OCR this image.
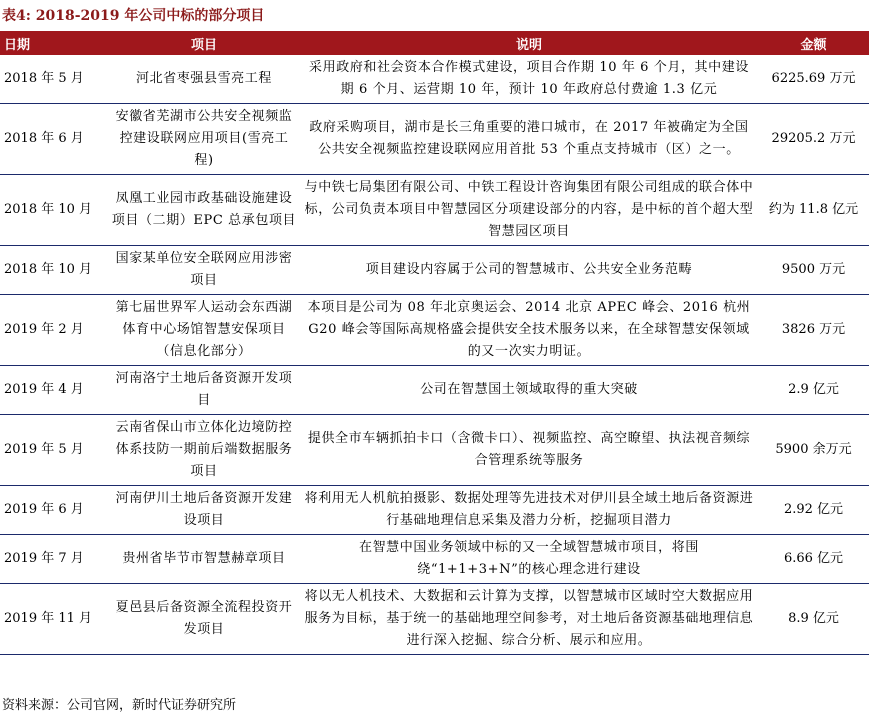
表4: 2018-2019 年公司中标的部分项目
日期	项目	说明	金额
2018 年 5 月	河北省枣强县雪亮工程	采用政府和社会资本合作模式建设，项目合作期 10 年 6 个月，其中建设期 6 个月、运营期 10 年，预计 10 年政府总付费逾 1.3 亿元	6225.69 万元
2018 年 6 月	安徽省芜湖市公共安全视频监控建设联网应用项目(雪亮工程)	政府采购项目，湖市是长三角重要的港口城市，在 2017 年被确定为全国公共安全视频监控建设联网应用首批 53 个重点支持城市（区）之一。	29205.2 万元
2018 年 10 月	凤凰工业园市政基础设施建设项目（二期）EPC 总承包项目	与中铁七局集团有限公司、中铁工程设计咨询集团有限公司组成的联合体中标，公司负责本项目中智慧园区分项建设部分的内容，是中标的首个超大型智慧园区项目	约为 11.8 亿元
2018 年 10 月	国家某单位安全联网应用涉密项目	项目建设内容属于公司的智慧城市、公共安全业务范畴	9500 万元
2019 年 2 月	第七届世界军人运动会东西湖体育中心场馆智慧安保项目（信息化部分）	本项目是公司为 08 年北京奥运会、2014 北京 APEC 峰会、2016 杭州 G20 峰会等国际高规格盛会提供安全技术服务以来，在全球智慧安保领域的又一次实力明证。	3826 万元
2019 年 4 月	河南洛宁土地后备资源开发项目	公司在智慧国土领域取得的重大突破	2.9 亿元
2019 年 5 月	云南省保山市立体化边境防控体系技防一期前后端数据服务项目	提供全市车辆抓拍卡口（含微卡口）、视频监控、高空瞭望、执法视音频综合管理系统等服务	5900 余万元
2019 年 6 月	河南伊川土地后备资源开发建设项目	将利用无人机航拍摄影、数据处理等先进技术对伊川县全域土地后备资源进行基础地理信息采集及潜力分析，挖掘项目潜力	2.92 亿元
2019 年 7 月	贵州省毕节市智慧赫章项目	在智慧中国业务领域中标的又一全域智慧城市项目，将围绕“1+1+3+N”的核心理念进行建设	6.66 亿元
2019 年 11 月	夏邑县后备资源全流程投资开发项目	将以无人机技术、大数据和云计算为支撑，以智慧城市区域时空大数据应用服务为目标，基于统一的基础地理空间参考，对土地后备资源基础地理信息进行深入挖掘、综合分析、展示和应用。	8.9 亿元
资料来源：公司官网，新时代证券研究所
